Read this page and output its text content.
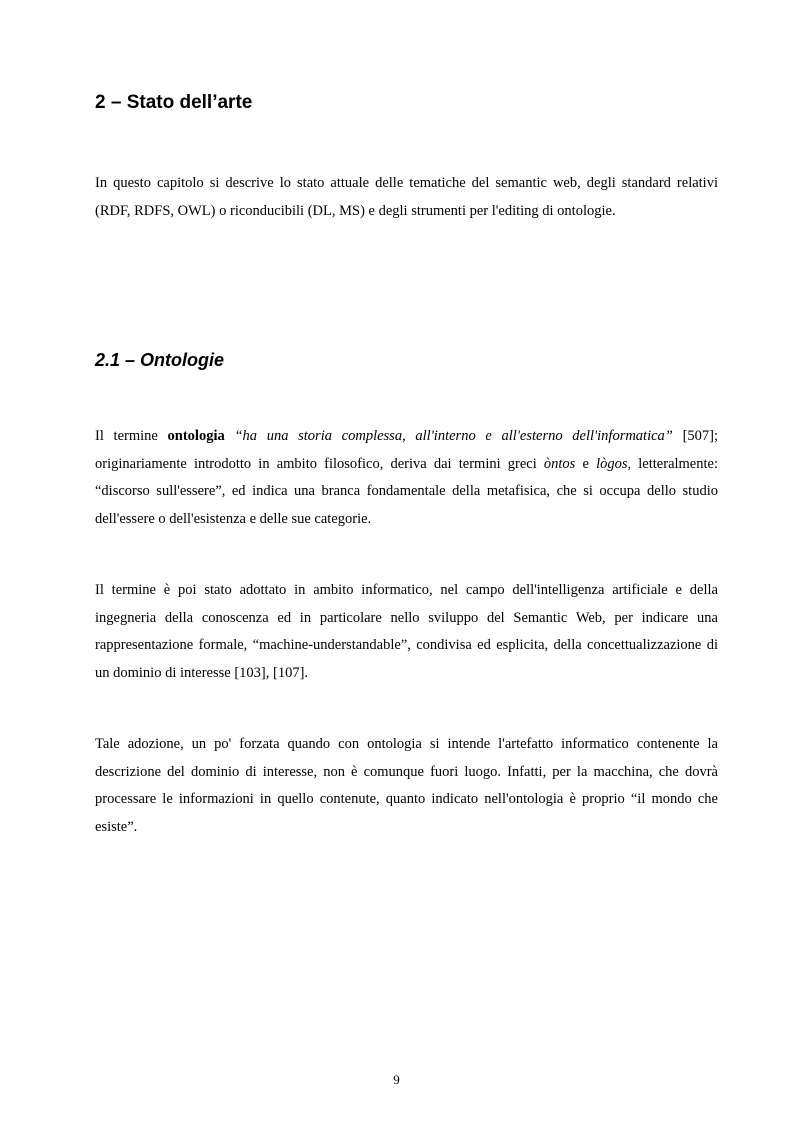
2 – Stato dell’arte

In questo capitolo si descrive lo stato attuale delle tematiche del semantic web, degli standard relativi (RDF, RDFS, OWL) o riconducibili (DL, MS) e degli strumenti per l'editing di ontologie.

2.1 – Ontologie

Il termine ontologia “ha una storia complessa, all'interno e all'esterno dell'informatica” [507]; originariamente introdotto in ambito filosofico, deriva dai termini greci òntos e lògos, letteralmente: “discorso sull'essere”, ed indica una branca fondamentale della metafisica, che si occupa dello studio dell'essere o dell'esistenza e delle sue categorie.

Il termine è poi stato adottato in ambito informatico, nel campo dell'intelligenza artificiale e della ingegneria della conoscenza ed in particolare nello sviluppo del Semantic Web, per indicare una rappresentazione formale, “machine-understandable”, condivisa ed esplicita, della concettualizzazione di un dominio di interesse [103], [107].

Tale adozione, un po' forzata quando con ontologia si intende l'artefatto informatico contenente la descrizione del dominio di interesse, non è comunque fuori luogo. Infatti, per la macchina, che dovrà processare le informazioni in quello contenute, quanto indicato nell'ontologia è proprio “il mondo che esiste”.

9
